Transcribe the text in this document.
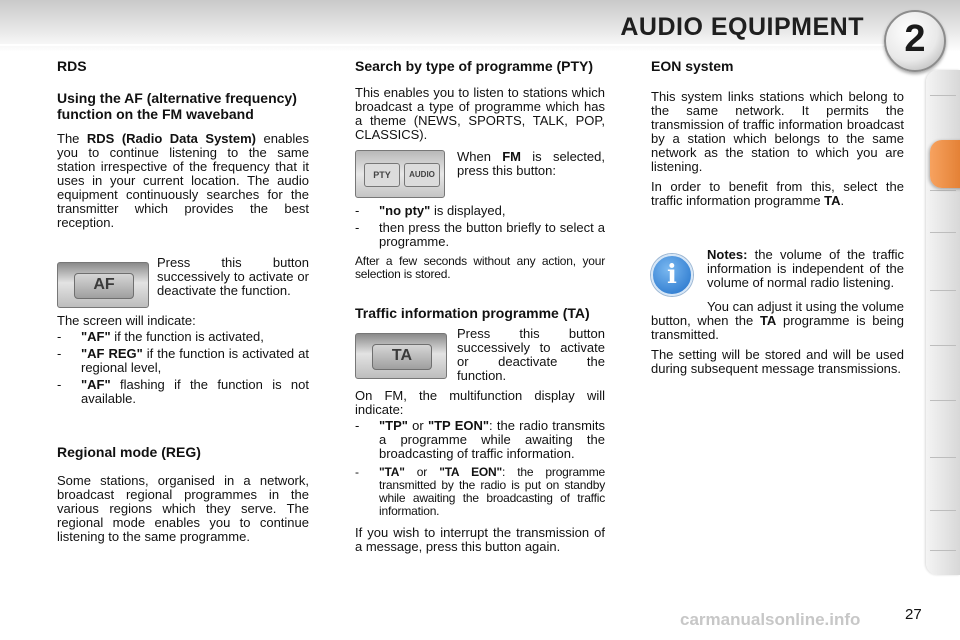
AUDIO EQUIPMENT	2
RDS
Using the AF (alternative frequency) function on the FM waveband

The RDS (Radio Data System) enables you to continue listening to the same station irrespective of the frequency that it uses in your current location. The audio equipment continuously searches for the transmitter which provides the best reception.

AF
Press this button successively to activate or deactivate the function.

The screen will indicate:

- "AF" if the function is activated,
- "AF REG" if the function is activated at regional level,
- "AF" flashing if the function is not available.
Regional mode (REG)

Some stations, organised in a network, broadcast regional programmes in the various regions which they serve. The regional mode enables you to continue listening to the same programme.

Search by type of programme (PTY)

This enables you to listen to stations which broadcast a type of programme which has a theme (NEWS, SPORTS, TALK, POP, CLASSICS).

PTY	AUDIO
When FM is selected, press this button:
- "no pty" is displayed,
- then press the button briefly to select a programme.

After a few seconds without any action, your selection is stored.

Traffic information programme (TA)
TA
Press this button successively to activate or deactivate the function.

On FM, the multifunction display will indicate:

- "TP" or "TP EON": the radio transmits a programme while awaiting the broadcasting of traffic information.
- "TA" or "TA EON": the programme transmitted by the radio is put on standby while awaiting the broadcasting of traffic information.

If you wish to interrupt the transmission of a message, press this button again.

EON system

This system links stations which belong to the same network. It permits the transmission of traffic information broadcast by a station which belongs to the same network as the station to which you are listening.

In order to benefit from this, select the traffic information programme TA.

i
Notes: the volume of the traffic information is independent of the volume of normal radio listening.

You can adjust it using the volume button, when the TA programme is being transmitted.

The setting will be stored and will be used during subsequent message transmissions.

carmanualsonline.info	27
